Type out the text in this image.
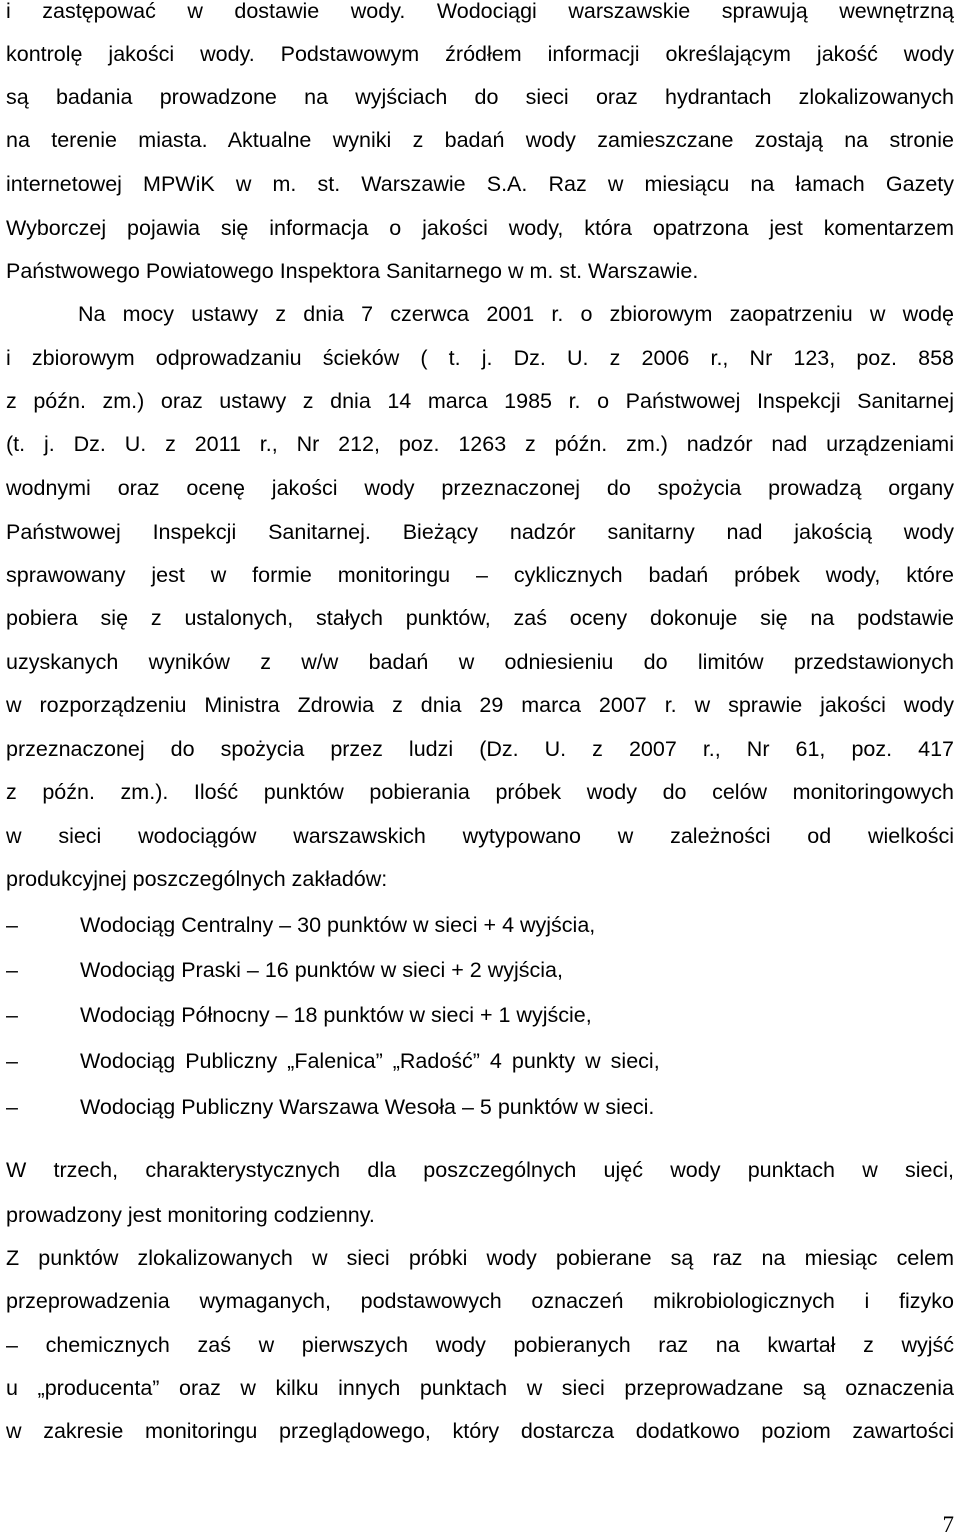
i zastępować w dostawie wody. Wodociągi warszawskie sprawują wewnętrzną
kontrolę jakości wody. Podstawowym źródłem informacji określającym jakość wody
są badania prowadzone na wyjściach do sieci oraz hydrantach zlokalizowanych
na terenie miasta. Aktualne wyniki z badań wody zamieszczane zostają na stronie
internetowej MPWiK w m. st. Warszawie S.A. Raz w miesiącu na łamach Gazety
Wyborczej pojawia się informacja o jakości wody, która opatrzona jest komentarzem
Państwowego Powiatowego Inspektora Sanitarnego w m. st. Warszawie.
Na mocy ustawy z dnia 7 czerwca 2001 r. o zbiorowym zaopatrzeniu w wodę
i zbiorowym odprowadzaniu ścieków ( t. j. Dz. U. z 2006 r., Nr 123, poz. 858
z późn. zm.) oraz ustawy z dnia 14 marca 1985 r. o Państwowej Inspekcji Sanitarnej
(t. j. Dz. U. z 2011 r., Nr 212, poz. 1263 z późn. zm.) nadzór nad urządzeniami
wodnymi oraz ocenę jakości wody przeznaczonej do spożycia prowadzą organy
Państwowej Inspekcji Sanitarnej. Bieżący nadzór sanitarny nad jakością wody
sprawowany jest w formie monitoringu – cyklicznych badań próbek wody, które
pobiera się z ustalonych, stałych punktów, zaś oceny dokonuje się na podstawie
uzyskanych wyników z w/w badań w odniesieniu do limitów przedstawionych
w rozporządzeniu Ministra Zdrowia z dnia 29 marca 2007 r. w sprawie jakości wody
przeznaczonej do spożycia przez ludzi (Dz. U. z 2007 r., Nr 61, poz. 417
z późn. zm.). Ilość punktów pobierania próbek wody do celów monitoringowych
w sieci wodociągów warszawskich wytypowano w zależności od wielkości
produkcyjnej poszczególnych zakładów:
–	Wodociąg Centralny – 30 punktów w sieci + 4 wyjścia,
–	Wodociąg Praski – 16 punktów w sieci + 2 wyjścia,
–	Wodociąg Północny – 18 punktów w sieci + 1 wyjście,
–	Wodociąg Publiczny „Falenica” „Radość” 4 punkty w sieci,
–	Wodociąg Publiczny Warszawa Wesoła – 5 punktów w sieci.
W trzech, charakterystycznych dla poszczególnych ujęć wody punktach w sieci,
prowadzony jest monitoring codzienny.
Z punktów zlokalizowanych w sieci próbki wody pobierane są raz na miesiąc celem
przeprowadzenia wymaganych, podstawowych oznaczeń mikrobiologicznych i fizyko
– chemicznych zaś w pierwszych wody pobieranych raz na kwartał z wyjść
u „producenta” oraz w kilku innych punktach w sieci przeprowadzane są oznaczenia
w zakresie monitoringu przeglądowego, który dostarcza dodatkowo poziom zawartości
7
